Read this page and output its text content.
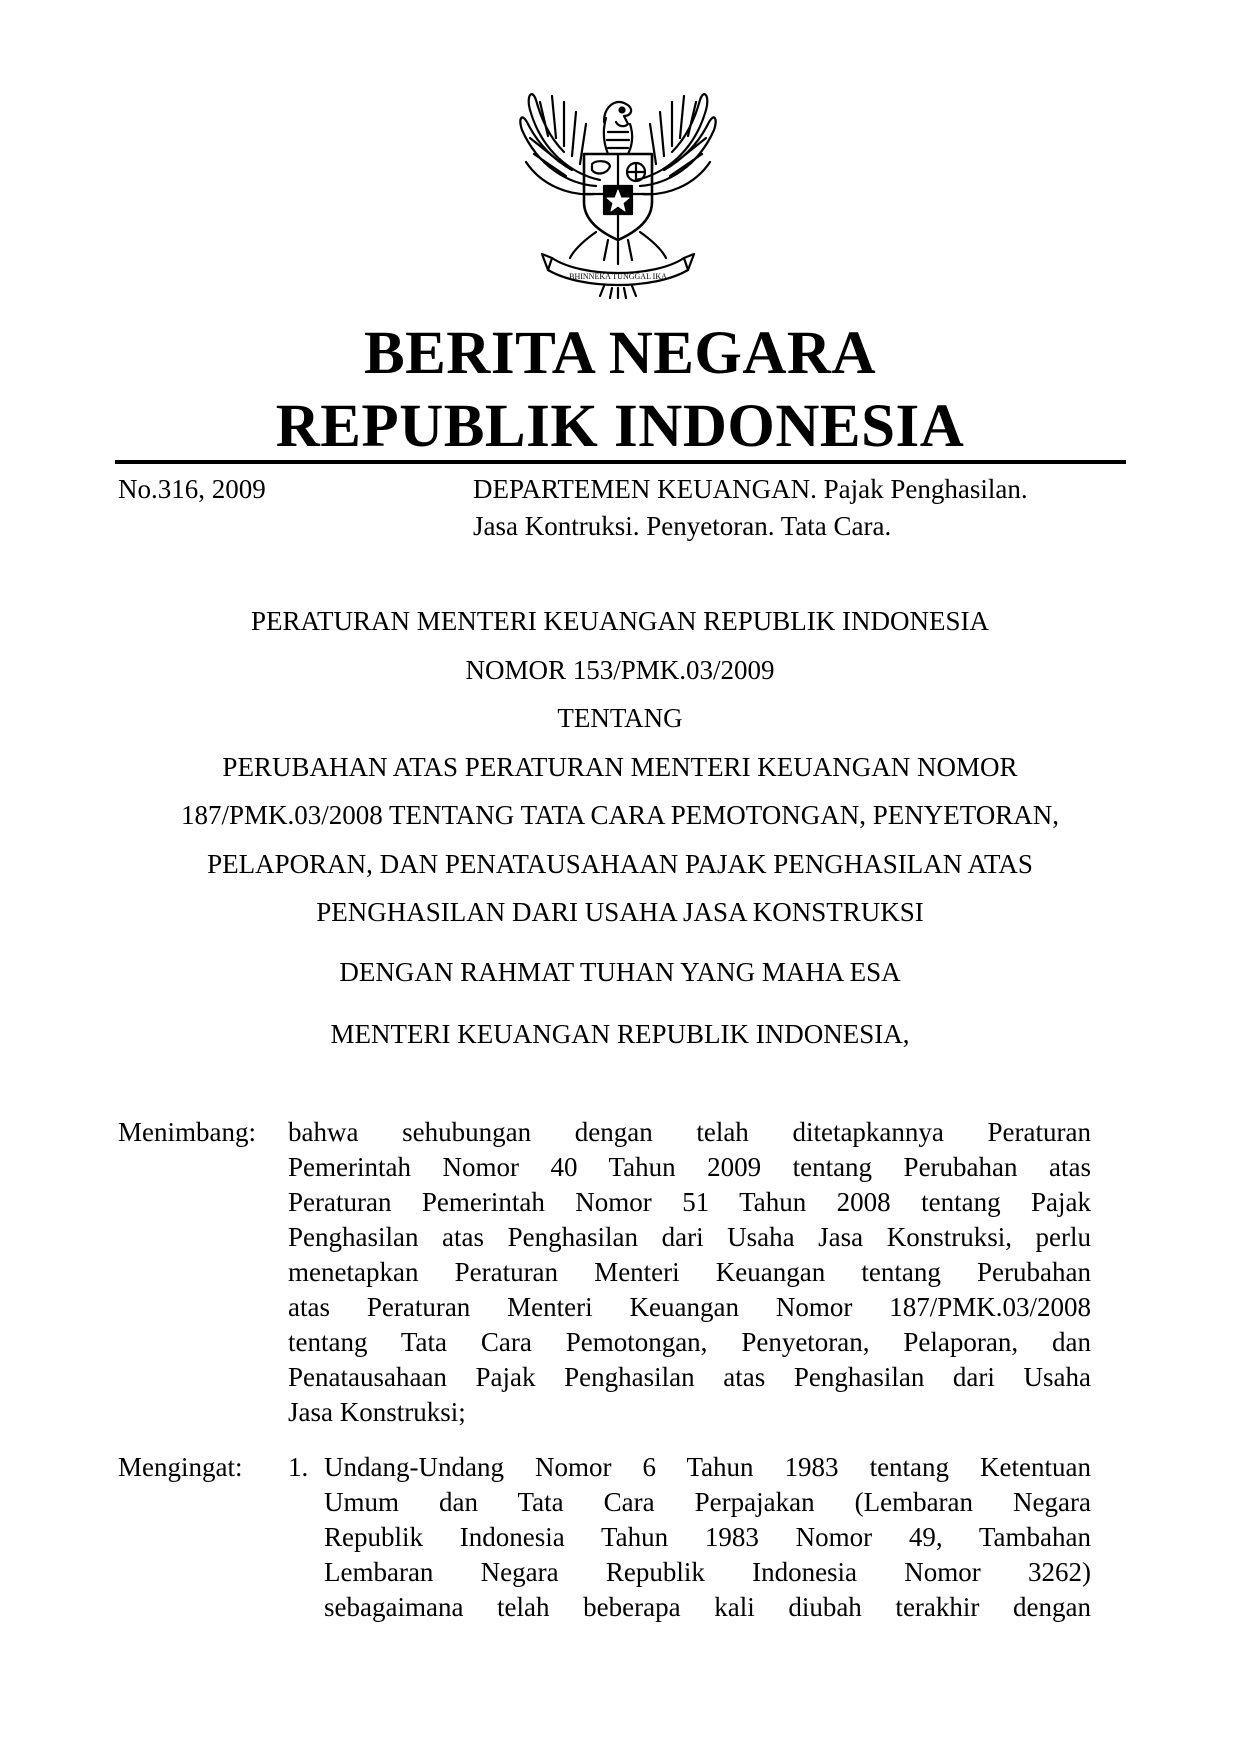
BHINNEKA TUNGGAL IKA
BERITA NEGARA
REPUBLIK INDONESIA
No.316, 2009	DEPARTEMEN KEUANGAN. Pajak Penghasilan.
Jasa Kontruksi. Penyetoran. Tata Cara.
PERATURAN MENTERI KEUANGAN REPUBLIK INDONESIA
NOMOR 153/PMK.03/2009
TENTANG
PERUBAHAN ATAS PERATURAN MENTERI KEUANGAN NOMOR
187/PMK.03/2008 TENTANG TATA CARA PEMOTONGAN, PENYETORAN,
PELAPORAN, DAN PENATAUSAHAAN PAJAK PENGHASILAN ATAS
PENGHASILAN DARI USAHA JASA KONSTRUKSI
DENGAN RAHMAT TUHAN YANG MAHA ESA
MENTERI KEUANGAN REPUBLIK INDONESIA,
Menimbang: bahwa sehubungan dengan telah ditetapkannya Peraturan
Pemerintah Nomor 40 Tahun 2009 tentang Perubahan atas
Peraturan Pemerintah Nomor 51 Tahun 2008 tentang Pajak
Penghasilan atas Penghasilan dari Usaha Jasa Konstruksi, perlu
menetapkan Peraturan Menteri Keuangan tentang Perubahan
atas Peraturan Menteri Keuangan Nomor 187/PMK.03/2008
tentang Tata Cara Pemotongan, Penyetoran, Pelaporan, dan
Penatausahaan Pajak Penghasilan atas Penghasilan dari Usaha
Jasa Konstruksi;
Mengingat: 1. Undang-Undang Nomor 6 Tahun 1983 tentang Ketentuan
Umum dan Tata Cara Perpajakan (Lembaran Negara
Republik Indonesia Tahun 1983 Nomor 49, Tambahan
Lembaran Negara Republik Indonesia Nomor 3262)
sebagaimana telah beberapa kali diubah terakhir dengan
